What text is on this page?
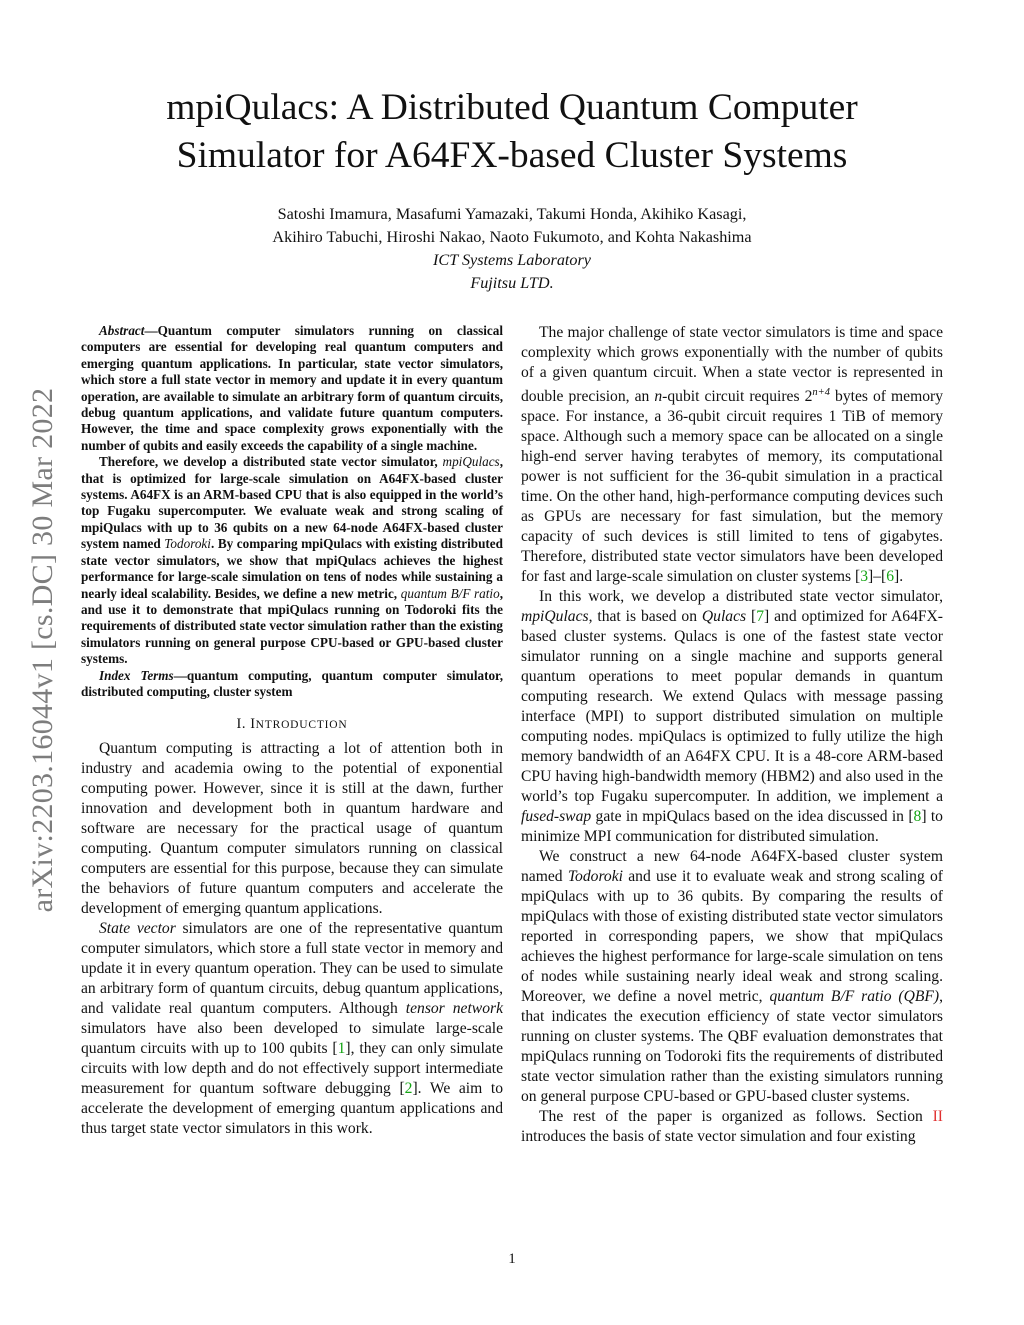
mpiQulacs: A Distributed Quantum Computer
Simulator for A64FX-based Cluster Systems
Satoshi Imamura, Masafumi Yamazaki, Takumi Honda, Akihiko Kasagi,
Akihiro Tabuchi, Hiroshi Nakao, Naoto Fukumoto, and Kohta Nakashima
ICT Systems Laboratory
Fujitsu LTD.
arXiv:2203.16044v1 [cs.DC] 30 Mar 2022

Abstract—Quantum computer simulators running on classical computers are essential for developing real quantum computers and emerging quantum applications. In particular, state vector simulators, which store a full state vector in memory and update it in every quantum operation, are available to simulate an arbitrary form of quantum circuits, debug quantum applications, and validate future quantum computers. However, the time and space complexity grows exponentially with the number of qubits and easily exceeds the capability of a single machine.

Therefore, we develop a distributed state vector simulator, mpiQulacs, that is optimized for large-scale simulation on A64FX-based cluster systems. A64FX is an ARM-based CPU that is also equipped in the world’s top Fugaku supercomputer. We evaluate weak and strong scaling of mpiQulacs with up to 36 qubits on a new 64-node A64FX-based cluster system named Todoroki. By comparing mpiQulacs with existing distributed state vector simulators, we show that mpiQulacs achieves the highest performance for large-scale simulation on tens of nodes while sustaining a nearly ideal scalability. Besides, we define a new metric, quantum B/F ratio, and use it to demonstrate that mpiQulacs running on Todoroki fits the requirements of distributed state vector simulation rather than the existing simulators running on general purpose CPU-based or GPU-based cluster systems.

Index Terms—quantum computing, quantum computer simulator, distributed computing, cluster system

I. INTRODUCTION

Quantum computing is attracting a lot of attention both in industry and academia owing to the potential of exponential computing power. However, since it is still at the dawn, further innovation and development both in quantum hardware and software are necessary for the practical usage of quantum computing. Quantum computer simulators running on classical computers are essential for this purpose, because they can simulate the behaviors of future quantum computers and accelerate the development of emerging quantum applications.

State vector simulators are one of the representative quantum computer simulators, which store a full state vector in memory and update it in every quantum operation. They can be used to simulate an arbitrary form of quantum circuits, debug quantum applications, and validate real quantum computers. Although tensor network simulators have also been developed to simulate large-scale quantum circuits with up to 100 qubits [1], they can only simulate circuits with low depth and do not effectively support intermediate measurement for quantum software debugging [2]. We aim to accelerate the development of emerging quantum applications and thus target state vector simulators in this work.

The major challenge of state vector simulators is time and space complexity which grows exponentially with the number of qubits of a given quantum circuit. When a state vector is represented in double precision, an n-qubit circuit requires $2^{n+4}$ bytes of memory space. For instance, a 36-qubit circuit requires 1 TiB of memory space. Although such a memory space can be allocated on a single high-end server having terabytes of memory, its computational power is not sufficient for the 36-qubit simulation in a practical time. On the other hand, high-performance computing devices such as GPUs are necessary for fast simulation, but the memory capacity of such devices is still limited to tens of gigabytes. Therefore, distributed state vector simulators have been developed for fast and large-scale simulation on cluster systems [3]–[6].

In this work, we develop a distributed state vector simulator, mpiQulacs, that is based on Qulacs [7] and optimized for A64FX-based cluster systems. Qulacs is one of the fastest state vector simulator running on a single machine and supports general quantum operations to meet popular demands in quantum computing research. We extend Qulacs with message passing interface (MPI) to support distributed simulation on multiple computing nodes. mpiQulacs is optimized to fully utilize the high memory bandwidth of an A64FX CPU. It is a 48-core ARM-based CPU having high-bandwidth memory (HBM2) and also used in the world’s top Fugaku supercomputer. In addition, we implement a fused-swap gate in mpiQulacs based on the idea discussed in [8] to minimize MPI communication for distributed simulation.

We construct a new 64-node A64FX-based cluster system named Todoroki and use it to evaluate weak and strong scaling of mpiQulacs with up to 36 qubits. By comparing the results of mpiQulacs with those of existing distributed state vector simulators reported in corresponding papers, we show that mpiQulacs achieves the highest performance for large-scale simulation on tens of nodes while sustaining nearly ideal weak and strong scaling. Moreover, we define a novel metric, quantum B/F ratio (QBF), that indicates the execution efficiency of state vector simulators running on cluster systems. The QBF evaluation demonstrates that mpiQulacs running on Todoroki fits the requirements of distributed state vector simulation rather than the existing simulators running on general purpose CPU-based or GPU-based cluster systems.

The rest of the paper is organized as follows. Section II introduces the basis of state vector simulation and four existing

1
